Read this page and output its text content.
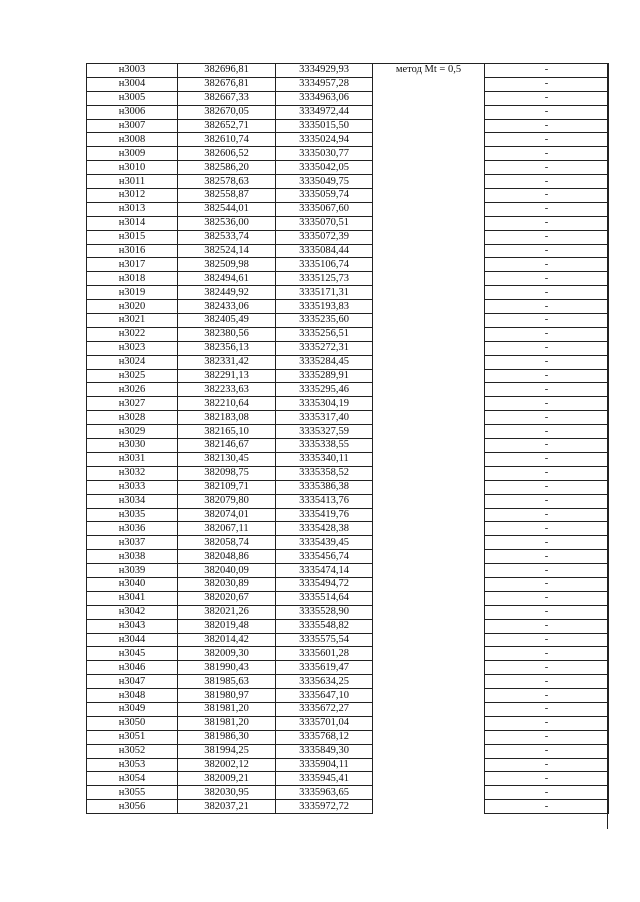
н3003	382696,81	3334929,93	метод Mt = 0,5	-
н3004	382676,81	3334957,28		-
н3005	382667,33	3334963,06		-
н3006	382670,05	3334972,44		-
н3007	382652,71	3335015,50		-
н3008	382610,74	3335024,94		-
н3009	382606,52	3335030,77		-
н3010	382586,20	3335042,05		-
н3011	382578,63	3335049,75		-
н3012	382558,87	3335059,74		-
н3013	382544,01	3335067,60		-
н3014	382536,00	3335070,51		-
н3015	382533,74	3335072,39		-
н3016	382524,14	3335084,44		-
н3017	382509,98	3335106,74		-
н3018	382494,61	3335125,73		-
н3019	382449,92	3335171,31		-
н3020	382433,06	3335193,83		-
н3021	382405,49	3335235,60		-
н3022	382380,56	3335256,51		-
н3023	382356,13	3335272,31		-
н3024	382331,42	3335284,45		-
н3025	382291,13	3335289,91		-
н3026	382233,63	3335295,46		-
н3027	382210,64	3335304,19		-
н3028	382183,08	3335317,40		-
н3029	382165,10	3335327,59		-
н3030	382146,67	3335338,55		-
н3031	382130,45	3335340,11		-
н3032	382098,75	3335358,52		-
н3033	382109,71	3335386,38		-
н3034	382079,80	3335413,76		-
н3035	382074,01	3335419,76		-
н3036	382067,11	3335428,38		-
н3037	382058,74	3335439,45		-
н3038	382048,86	3335456,74		-
н3039	382040,09	3335474,14		-
н3040	382030,89	3335494,72		-
н3041	382020,67	3335514,64		-
н3042	382021,26	3335528,90		-
н3043	382019,48	3335548,82		-
н3044	382014,42	3335575,54		-
н3045	382009,30	3335601,28		-
н3046	381990,43	3335619,47		-
н3047	381985,63	3335634,25		-
н3048	381980,97	3335647,10		-
н3049	381981,20	3335672,27		-
н3050	381981,20	3335701,04		-
н3051	381986,30	3335768,12		-
н3052	381994,25	3335849,30		-
н3053	382002,12	3335904,11		-
н3054	382009,21	3335945,41		-
н3055	382030,95	3335963,65		-
н3056	382037,21	3335972,72		-
